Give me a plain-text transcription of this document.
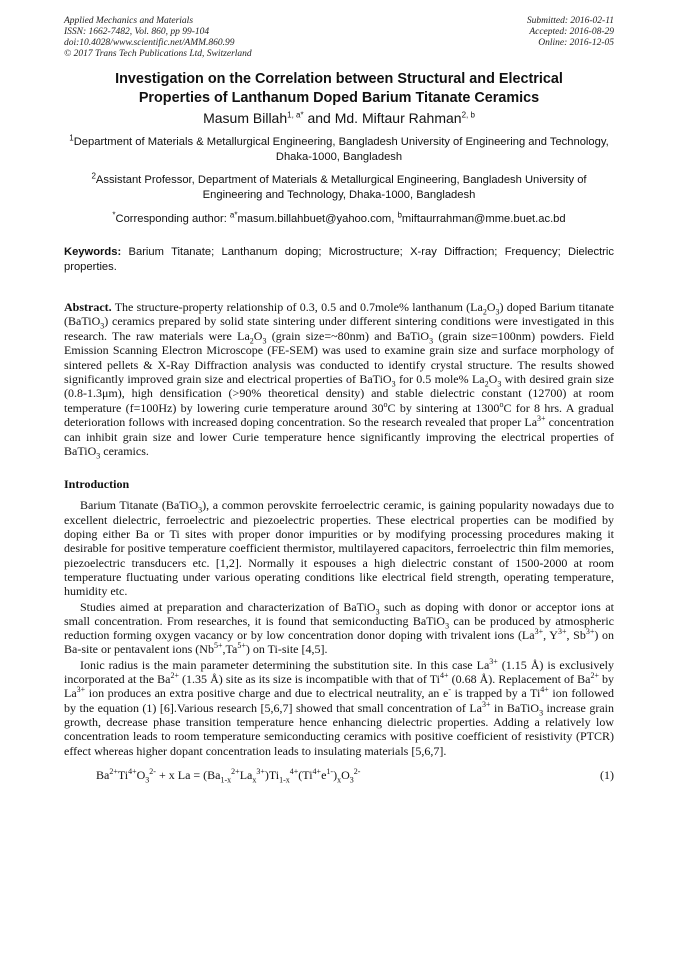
Applied Mechanics and Materials
ISSN: 1662-7482, Vol. 860, pp 99-104
doi:10.4028/www.scientific.net/AMM.860.99
© 2017 Trans Tech Publications Ltd, Switzerland
Submitted: 2016-02-11
Accepted: 2016-08-29
Online: 2016-12-05
Investigation on the Correlation between Structural and Electrical
Properties of Lanthanum Doped Barium Titanate Ceramics
Masum Billah$^{1, a*}$ and Md. Miftaur Rahman$^{2, b}$
$^1$Department of Materials & Metallurgical Engineering, Bangladesh University of Engineering and Technology, Dhaka-1000, Bangladesh
$^2$Assistant Professor, Department of Materials & Metallurgical Engineering, Bangladesh University of Engineering and Technology, Dhaka-1000, Bangladesh
*Corresponding author: $^{a*}$masum.billahbuet@yahoo.com, $^b$miftaurrahman@mme.buet.ac.bd
Keywords: Barium Titanate; Lanthanum doping; Microstructure; X-ray Diffraction; Frequency; Dielectric properties.
Abstract. The structure-property relationship of 0.3, 0.5 and 0.7mole% lanthanum $(La_2O_3)$ doped Barium titanate (BaTiO$_3$) ceramics prepared by solid state sintering under different sintering conditions were investigated in this research. The raw materials were $La_2O_3$ (grain size=~80nm) and BaTiO$_3$ (grain size=100nm) powders. Field Emission Scanning Electron Microscope (FE-SEM) was used to examine grain size and surface morphology of sintered pellets & X-Ray Diffraction analysis was conducted to identify crystal structure. The results showed significantly improved grain size and electrical properties of BaTiO$_3$ for 0.5 mole% $La_2O_3$ with desired grain size (0.8-1.3μm), high densification (>90% theoretical density) and stable dielectric constant (12700) at room temperature (f=100Hz) by lowering curie temperature around 30$^o$C by sintering at 1300$^o$C for 8 hrs. A gradual deterioration follows with increased doping concentration. So the research revealed that proper $La^{3+}$ concentration can inhibit grain size and lower Curie temperature hence significantly improving the electrical properties of BaTiO$_3$ ceramics.
Introduction

Barium Titanate (BaTiO$_3$), a common perovskite ferroelectric ceramic, is gaining popularity nowadays due to excellent dielectric, ferroelectric and piezoelectric properties. These electrical properties can be modified by doping either Ba or Ti sites with proper donor impurities or by modifying processing procedures making it desirable for positive temperature coefficient thermistor, multilayered capacitors, ferroelectric thin film memories, piezoelectric transducers etc. [1,2]. Normally it espouses a high dielectric constant of 1500-2000 at room temperature fluctuating under various operating conditions like electrical field strength, operating temperature, humidity etc.

Studies aimed at preparation and characterization of BaTiO$_3$ such as doping with donor or acceptor ions at small concentration. From researches, it is found that semiconducting BaTiO$_3$ can be produced by atmospheric reduction forming oxygen vacancy or by low concentration donor doping with trivalent ions ($La^{3+}$, $Y^{3+}$, $Sb^{3+}$) on Ba-site or pentavalent ions $(Nb^{5+},Ta^{5+})$ on Ti-site [4,5].

Ionic radius is the main parameter determining the substitution site. In this case $La^{3+}$ (1.15 Å) is exclusively incorporated at the $Ba^{2+}$ (1.35 Å) site as its size is incompatible with that of $Ti^{4+}$ (0.68 Å). Replacement of $Ba^{2+}$ by $La^{3+}$ ion produces an extra positive charge and due to electrical neutrality, an e- is trapped by a $Ti^{4+}$ ion followed by the equation (1) [6].Various research [5,6,7] showed that small concentration of $La^{3+}$ in BaTiO$_3$ increase grain growth, decrease phase transition temperature hence enhancing dielectric properties. Adding a relatively low concentration leads to room temperature semiconducting ceramics with positive coefficient of resistivity (PTCR) effect whereas higher dopant concentration leads to insulating materials [5,6,7].

$Ba^{2+}Ti^{4+}O_3^{2-} + x$ $La = (Ba_{1-x}^{2+}La_x^{3+})Ti_{1-x}^{4+}(Ti^{4+}e^{1-})_xO_3^{2-}$	(1)
